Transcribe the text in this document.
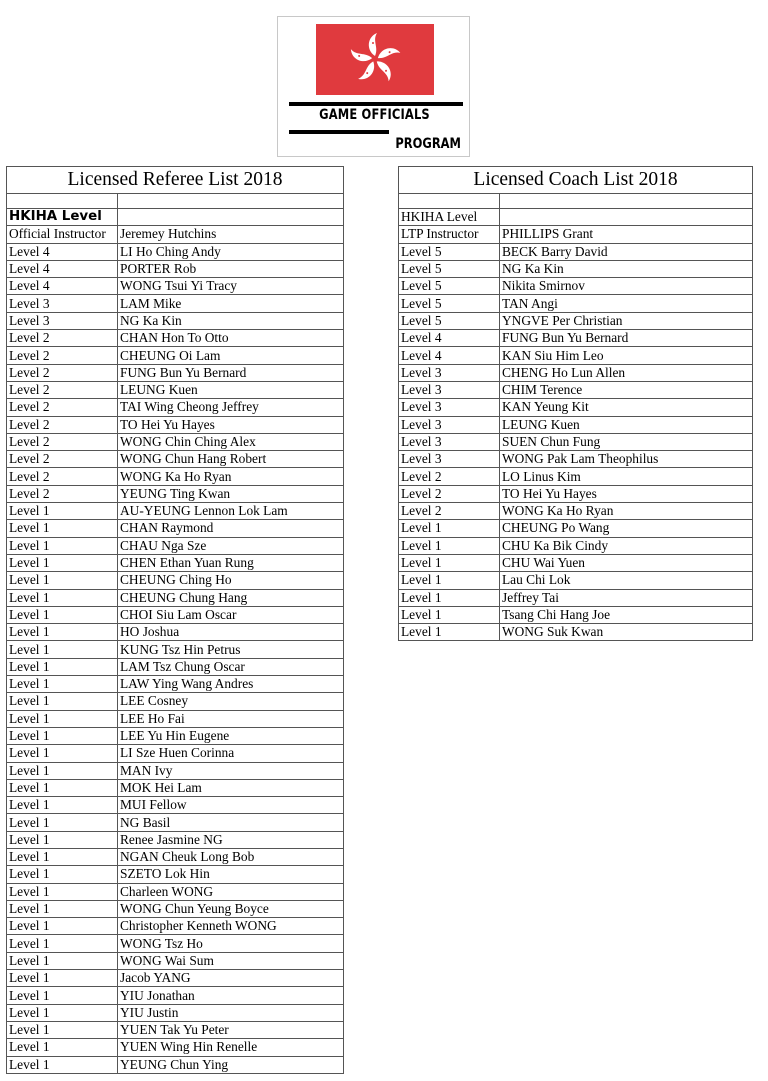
GAME OFFICIALS
PROGRAM
Licensed Referee List 2018	

HKIHA Level	
Official Instructor	Jeremey Hutchins
Level 4	LI Ho Ching Andy
Level 4	PORTER Rob
Level 4	WONG Tsui Yi Tracy
Level 3	LAM Mike
Level 3	NG Ka Kin
Level 2	CHAN Hon To Otto
Level 2	CHEUNG Oi Lam
Level 2	FUNG Bun Yu Bernard
Level 2	LEUNG Kuen
Level 2	TAI Wing Cheong Jeffrey
Level 2	TO Hei Yu Hayes
Level 2	WONG Chin Ching Alex
Level 2	WONG Chun Hang Robert
Level 2	WONG Ka Ho Ryan
Level 2	YEUNG Ting Kwan
Level 1	AU-YEUNG Lennon Lok Lam
Level 1	CHAN Raymond
Level 1	CHAU Nga Sze
Level 1	CHEN Ethan Yuan Rung
Level 1	CHEUNG Ching Ho
Level 1	CHEUNG Chung Hang
Level 1	CHOI Siu Lam Oscar
Level 1	HO Joshua
Level 1	KUNG Tsz Hin Petrus
Level 1	LAM Tsz Chung Oscar
Level 1	LAW Ying Wang Andres
Level 1	LEE Cosney
Level 1	LEE Ho Fai
Level 1	LEE Yu Hin Eugene
Level 1	LI Sze Huen Corinna
Level 1	MAN Ivy
Level 1	MOK Hei Lam
Level 1	MUI Fellow
Level 1	NG Basil
Level 1	Renee Jasmine NG
Level 1	NGAN Cheuk Long Bob
Level 1	SZETO Lok Hin
Level 1	Charleen WONG
Level 1	WONG Chun Yeung Boyce
Level 1	Christopher Kenneth WONG
Level 1	WONG Tsz Ho
Level 1	WONG Wai Sum
Level 1	Jacob YANG
Level 1	YIU Jonathan
Level 1	YIU Justin
Level 1	YUEN Tak Yu Peter
Level 1	YUEN Wing Hin Renelle
Level 1	YEUNG Chun Ying
Licensed Coach List 2018	

HKIHA Level	
LTP Instructor	PHILLIPS Grant
Level 5	BECK Barry David
Level 5	NG Ka Kin
Level 5	Nikita Smirnov
Level 5	TAN Angi
Level 5	YNGVE Per Christian
Level 4	FUNG Bun Yu Bernard
Level 4	KAN Siu Him Leo
Level 3	CHENG Ho Lun Allen
Level 3	CHIM Terence
Level 3	KAN Yeung Kit
Level 3	LEUNG Kuen
Level 3	SUEN Chun Fung
Level 3	WONG Pak Lam Theophilus
Level 2	LO Linus Kim
Level 2	TO Hei Yu Hayes
Level 2	WONG Ka Ho Ryan
Level 1	CHEUNG Po Wang
Level 1	CHU Ka Bik Cindy
Level 1	CHU Wai Yuen
Level 1	Lau Chi Lok
Level 1	Jeffrey Tai
Level 1	Tsang Chi Hang Joe
Level 1	WONG Suk Kwan
